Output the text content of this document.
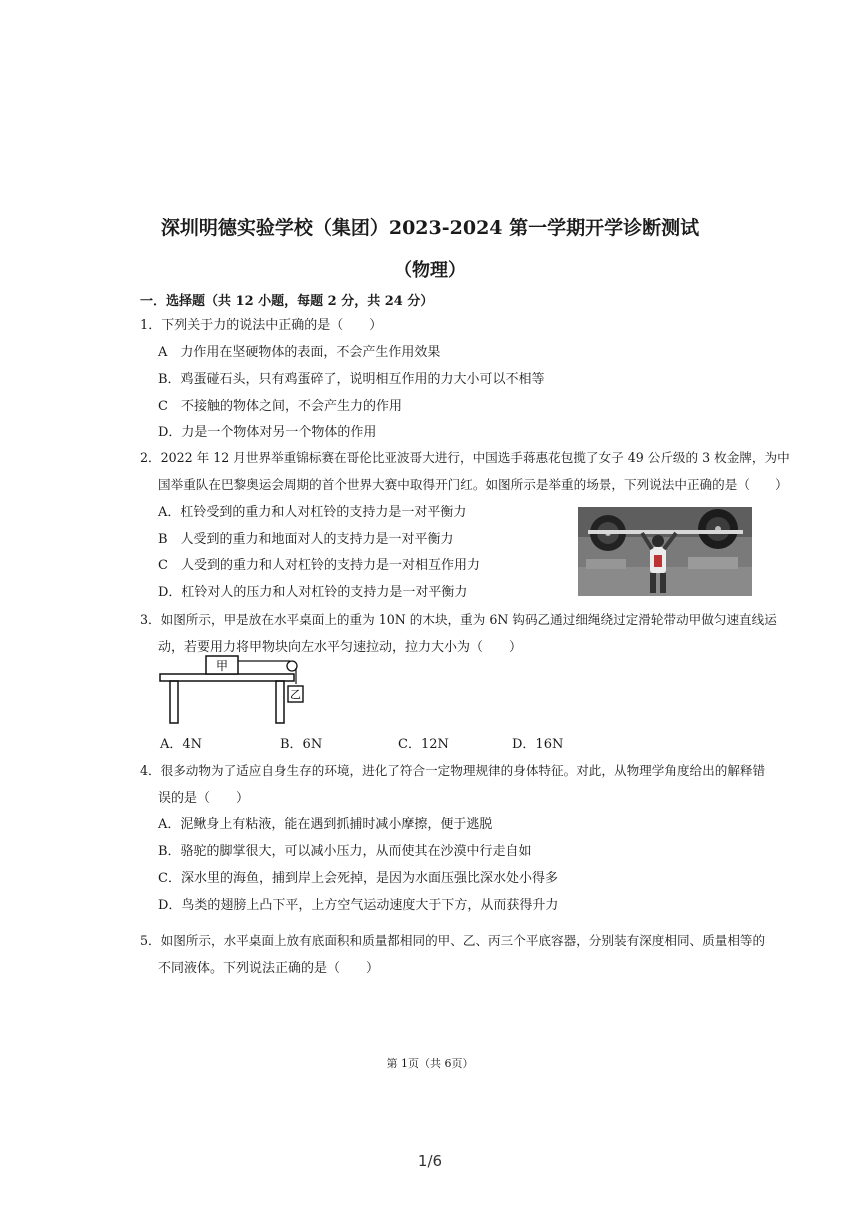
深圳明德实验学校（集团）2023-2024 第一学期开学诊断测试
（物理）
一．选择题（共 12 小题，每题 2 分，共 24 分）
1．下列关于力的说法中正确的是（　　）
A　力作用在坚硬物体的表面，不会产生作用效果
B．鸡蛋碰石头，只有鸡蛋碎了，说明相互作用的力大小可以不相等
C　不接触的物体之间，不会产生力的作用
D．力是一个物体对另一个物体的作用
2．2022 年 12 月世界举重锦标赛在哥伦比亚波哥大进行，中国选手蒋惠花包揽了女子 49 公斤级的 3 枚金牌，为中
国举重队在巴黎奥运会周期的首个世界大赛中取得开门红。如图所示是举重的场景，下列说法中正确的是（　　）
A．杠铃受到的重力和人对杠铃的支持力是一对平衡力
B　人受到的重力和地面对人的支持力是一对平衡力
C　人受到的重力和人对杠铃的支持力是一对相互作用力
D．杠铃对人的压力和人对杠铃的支持力是一对平衡力
3．如图所示，甲是放在水平桌面上的重为 10N 的木块，重为 6N 钩码乙通过细绳绕过定滑轮带动甲做匀速直线运
动，若要用力将甲物块向左水平匀速拉动，拉力大小为（　　）
甲
乙
A．4N	B．6N	C．12N	D．16N
4．很多动物为了适应自身生存的环境，进化了符合一定物理规律的身体特征。对此，从物理学角度给出的解释错
误的是（　　）
A．泥鳅身上有粘液，能在遇到抓捕时减小摩擦，便于逃脱
B．骆驼的脚掌很大，可以减小压力，从而使其在沙漠中行走自如
C．深水里的海鱼，捕到岸上会死掉，是因为水面压强比深水处小得多
D．鸟类的翅膀上凸下平，上方空气运动速度大于下方，从而获得升力
5．如图所示，水平桌面上放有底面积和质量都相同的甲、乙、丙三个平底容器，分别装有深度相同、质量相等的
不同液体。下列说法正确的是（　　）
第 1页（共 6页）
1/6
